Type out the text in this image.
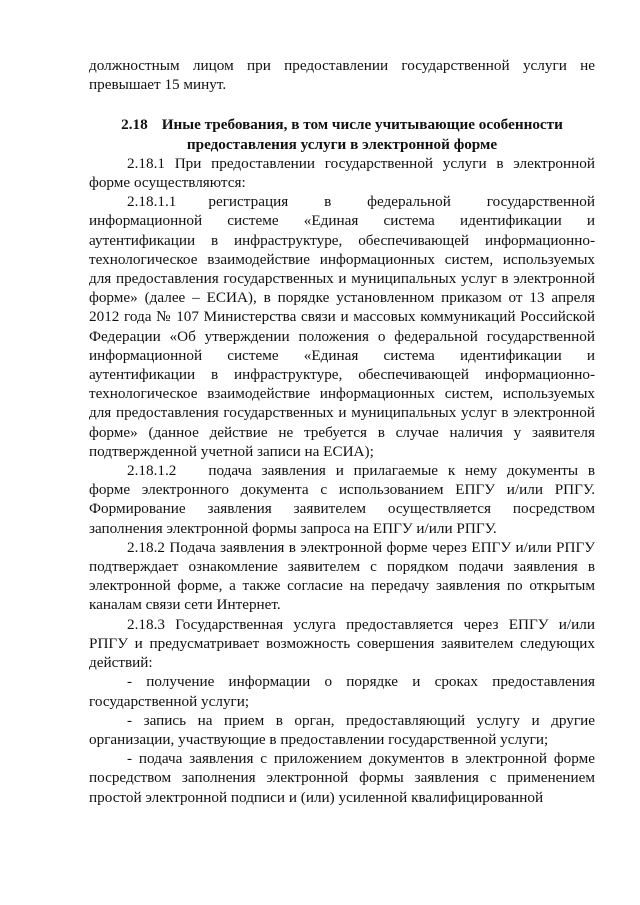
должностным лицом при предоставлении государственной услуги не превышает 15 минут.

2.18 Иные требования, в том числе учитывающие особенности
предоставления услуги в электронной форме

2.18.1 При предоставлении государственной услуги в электронной форме осуществляются:

2.18.1.1 регистрация в федеральной государственной информационной системе «Единая система идентификации и аутентификации в инфраструктуре, обеспечивающей информационно-технологическое взаимодействие информационных систем, используемых для предоставления государственных и муниципальных услуг в электронной форме» (далее – ЕСИА), в порядке установленном приказом от 13 апреля 2012 года № 107 Министерства связи и массовых коммуникаций Российской Федерации «Об утверждении положения о федеральной государственной информационной системе «Единая система идентификации и аутентификации в инфраструктуре, обеспечивающей информационно-технологическое взаимодействие информационных систем, используемых для предоставления государственных и муниципальных услуг в электронной форме» (данное действие не требуется в случае наличия у заявителя подтвержденной учетной записи на ЕСИА);

2.18.1.2 подача заявления и прилагаемые к нему документы в форме электронного документа с использованием ЕПГУ и/или РПГУ. Формирование заявления заявителем осуществляется посредством заполнения электронной формы запроса на ЕПГУ и/или РПГУ.

2.18.2 Подача заявления в электронной форме через ЕПГУ и/или РПГУ подтверждает ознакомление заявителем с порядком подачи заявления в электронной форме, а также согласие на передачу заявления по открытым каналам связи сети Интернет.

2.18.3 Государственная услуга предоставляется через ЕПГУ и/или РПГУ и предусматривает возможность совершения заявителем следующих действий:

- получение информации о порядке и сроках предоставления государственной услуги;

- запись на прием в орган, предоставляющий услугу и другие организации, участвующие в предоставлении государственной услуги;

- подача заявления с приложением документов в электронной форме посредством заполнения электронной формы заявления с применением простой электронной подписи и (или) усиленной квалифицированной
